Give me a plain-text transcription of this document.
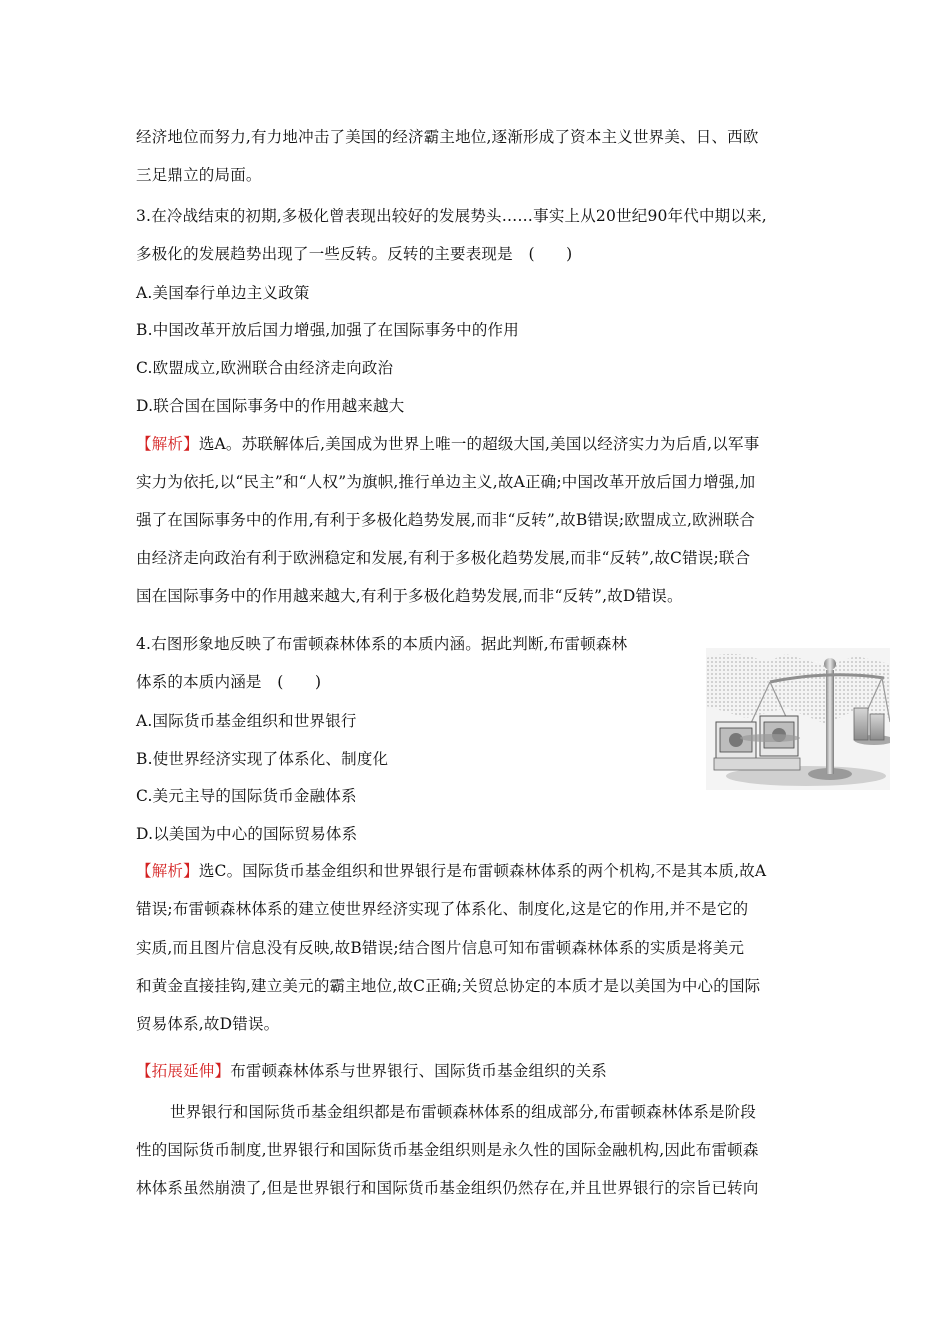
经济地位而努力,有力地冲击了美国的经济霸主地位,逐渐形成了资本主义世界美、日、西欧
三足鼎立的局面。
3.在冷战结束的初期,多极化曾表现出较好的发展势头……事实上从20世纪90年代中期以来,
多极化的发展趋势出现了一些反转。反转的主要表现是　(　　)
A.美国奉行单边主义政策
B.中国改革开放后国力增强,加强了在国际事务中的作用
C.欧盟成立,欧洲联合由经济走向政治
D.联合国在国际事务中的作用越来越大
【解析】选A。苏联解体后,美国成为世界上唯一的超级大国,美国以经济实力为后盾,以军事
实力为依托,以“民主”和“人权”为旗帜,推行单边主义,故A正确;中国改革开放后国力增强,加
强了在国际事务中的作用,有利于多极化趋势发展,而非“反转”,故B错误;欧盟成立,欧洲联合
由经济走向政治有利于欧洲稳定和发展,有利于多极化趋势发展,而非“反转”,故C错误;联合
国在国际事务中的作用越来越大,有利于多极化趋势发展,而非“反转”,故D错误。
4.右图形象地反映了布雷顿森林体系的本质内涵。据此判断,布雷顿森林
体系的本质内涵是　(　　)
A.国际货币基金组织和世界银行
B.使世界经济实现了体系化、制度化
C.美元主导的国际货币金融体系
D.以美国为中心的国际贸易体系
【解析】选C。国际货币基金组织和世界银行是布雷顿森林体系的两个机构,不是其本质,故A
错误;布雷顿森林体系的建立使世界经济实现了体系化、制度化,这是它的作用,并不是它的
实质,而且图片信息没有反映,故B错误;结合图片信息可知布雷顿森林体系的实质是将美元
和黄金直接挂钩,建立美元的霸主地位,故C正确;关贸总协定的本质才是以美国为中心的国际
贸易体系,故D错误。
【拓展延伸】布雷顿森林体系与世界银行、国际货币基金组织的关系
世界银行和国际货币基金组织都是布雷顿森林体系的组成部分,布雷顿森林体系是阶段
性的国际货币制度,世界银行和国际货币基金组织则是永久性的国际金融机构,因此布雷顿森
林体系虽然崩溃了,但是世界银行和国际货币基金组织仍然存在,并且世界银行的宗旨已转向
